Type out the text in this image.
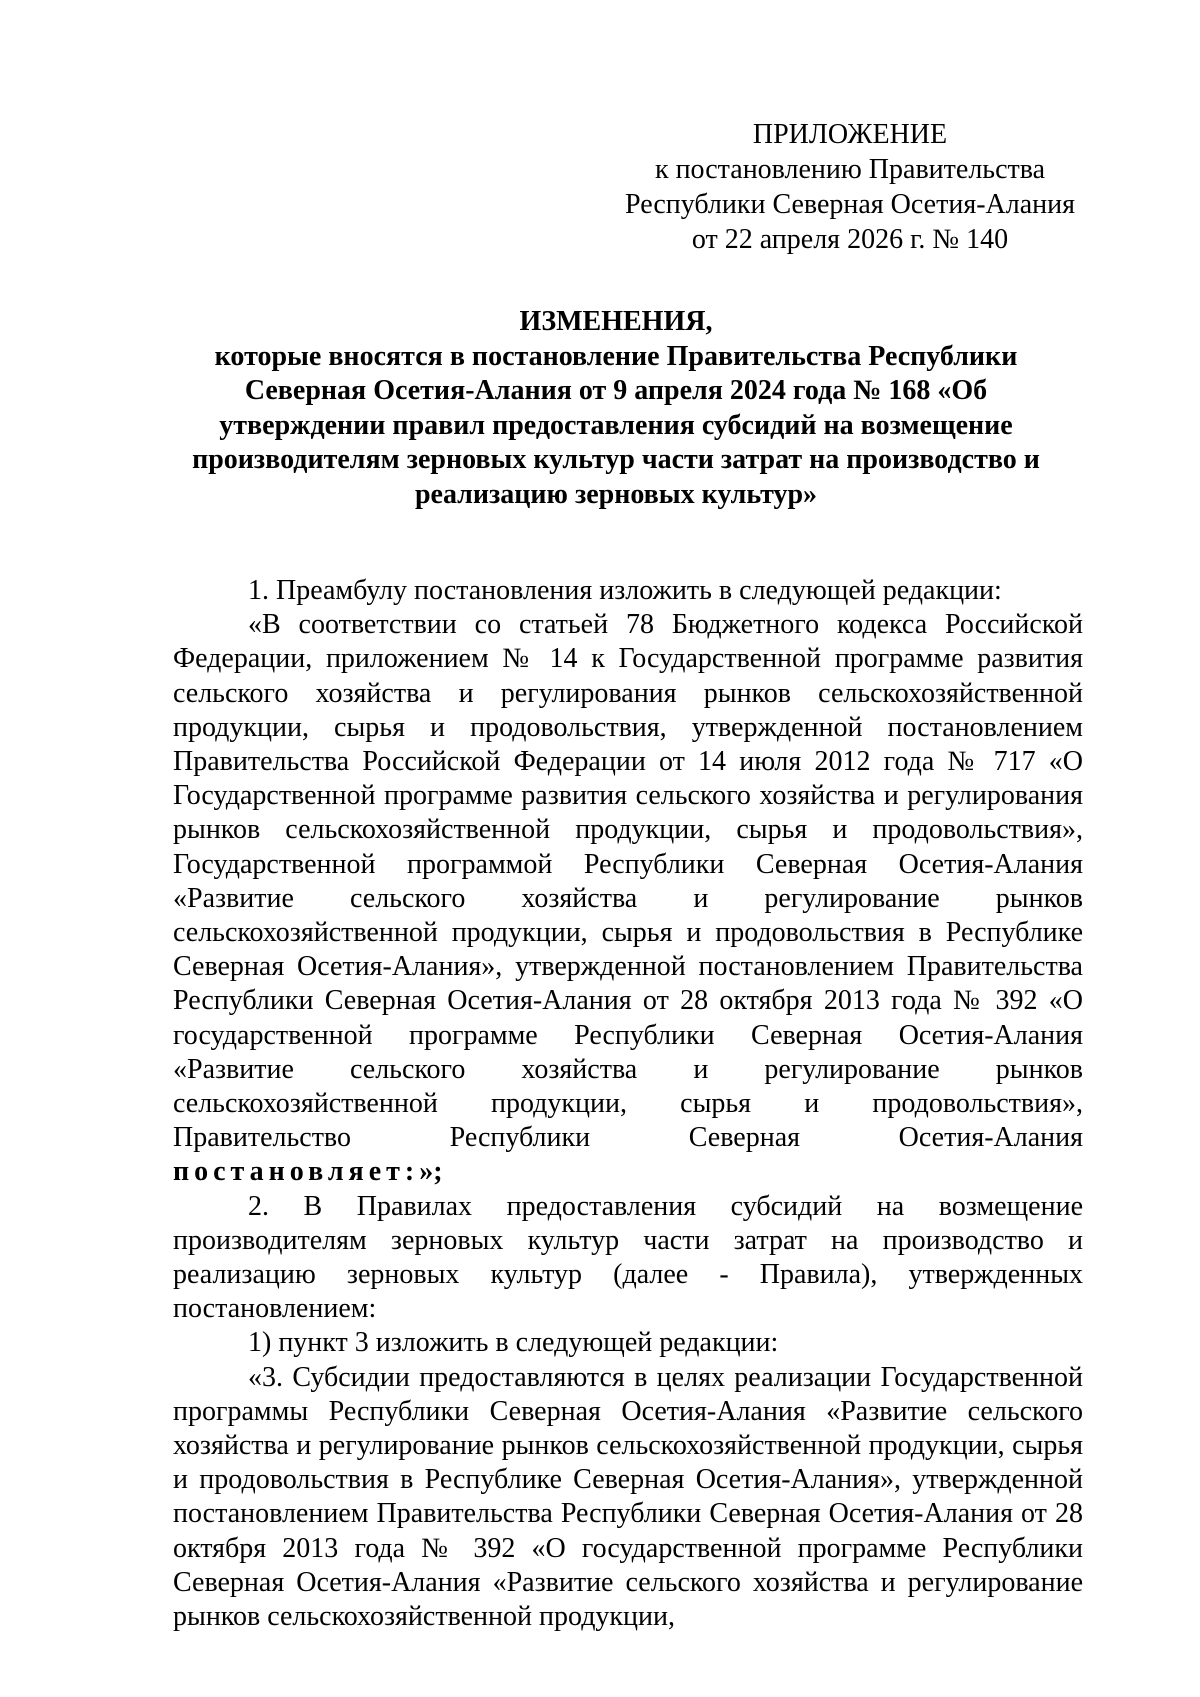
ПРИЛОЖЕНИЕ
к постановлению Правительства
Республики Северная Осетия-Алания
от 22 апреля 2026 г. № 140
ИЗМЕНЕНИЯ,
которые вносятся в постановление Правительства Республики
Северная Осетия-Алания от 9 апреля 2024 года № 168 «Об
утверждении правил предоставления субсидий на возмещение
производителям зерновых культур части затрат на производство и
реализацию зерновых культур»

1. Преамбулу постановления изложить в следующей редакции:

«В соответствии со статьей 78 Бюджетного кодекса Российской Федерации, приложением № 14 к Государственной программе развития сельского хозяйства и регулирования рынков сельскохозяйственной продукции, сырья и продовольствия, утвержденной постановлением Правительства Российской Федерации от 14 июля 2012 года № 717 «О Государственной программе развития сельского хозяйства и регулирования рынков сельскохозяйственной продукции, сырья и продовольствия», Государственной программой Республики Северная Осетия-Алания «Развитие сельского хозяйства и регулирование рынков сельскохозяйственной продукции, сырья и продовольствия в Республике Северная Осетия-Алания», утвержденной постановлением Правительства Республики Северная Осетия-Алания от 28 октября 2013 года № 392 «О государственной программе Республики Северная Осетия-Алания «Развитие сельского хозяйства и регулирование рынков сельскохозяйственной продукции, сырья и продовольствия», Правительство Республики Северная Осетия-Алания постановляет:»;

2. В Правилах предоставления субсидий на возмещение производителям зерновых культур части затрат на производство и реализацию зерновых культур (далее - Правила), утвержденных постановлением:

1) пункт 3 изложить в следующей редакции:

«3. Субсидии предоставляются в целях реализации Государственной программы Республики Северная Осетия-Алания «Развитие сельского хозяйства и регулирование рынков сельскохозяйственной продукции, сырья и продовольствия в Республике Северная Осетия-Алания», утвержденной постановлением Правительства Республики Северная Осетия-Алания от 28 октября 2013 года № 392 «О государственной программе Республики Северная Осетия-Алания «Развитие сельского хозяйства и регулирование рынков сельскохозяйственной продукции,
